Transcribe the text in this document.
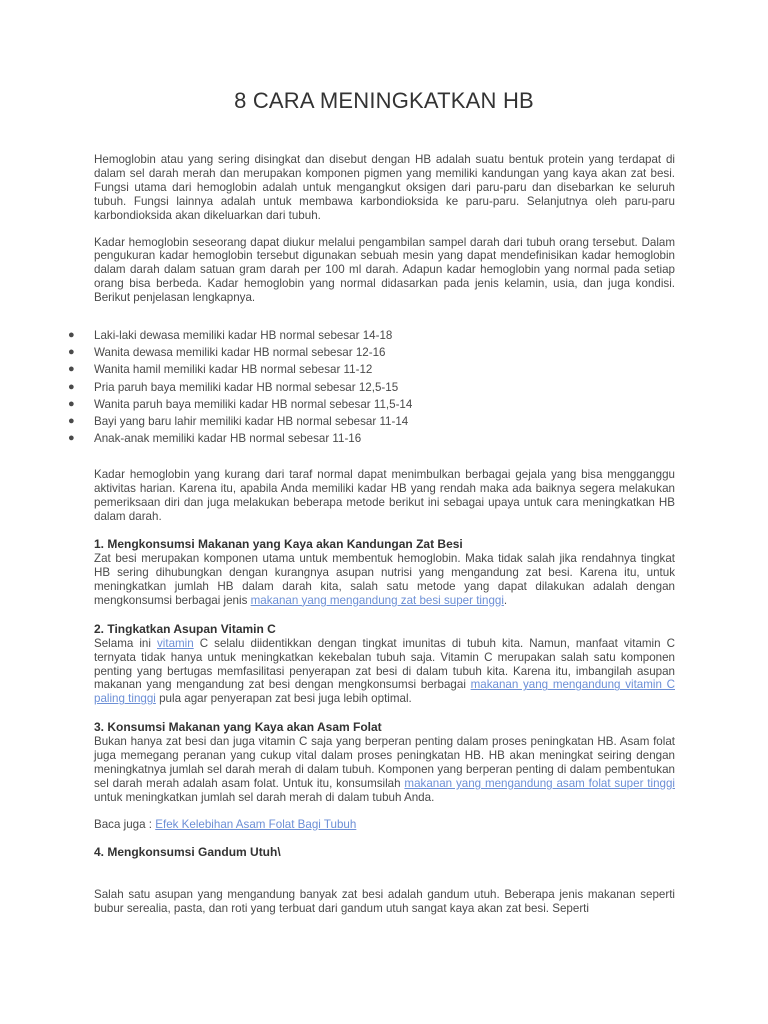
8 CARA MENINGKATKAN HB

Hemoglobin atau yang sering disingkat dan disebut dengan HB adalah suatu bentuk protein yang terdapat di dalam sel darah merah dan merupakan komponen pigmen yang memiliki kandungan yang kaya akan zat besi. Fungsi utama dari hemoglobin adalah untuk mengangkut oksigen dari paru-paru dan disebarkan ke seluruh tubuh. Fungsi lainnya adalah untuk membawa karbondioksida ke paru-paru. Selanjutnya oleh paru-paru karbondioksida akan dikeluarkan dari tubuh.

Kadar hemoglobin seseorang dapat diukur melalui pengambilan sampel darah dari tubuh orang tersebut. Dalam pengukuran kadar hemoglobin tersebut digunakan sebuah mesin yang dapat mendefinisikan kadar hemoglobin dalam darah dalam satuan gram darah per 100 ml darah. Adapun kadar hemoglobin yang normal pada setiap orang bisa berbeda. Kadar hemoglobin yang normal didasarkan pada jenis kelamin, usia, dan juga kondisi. Berikut penjelasan lengkapnya.

● Laki-laki dewasa memiliki kadar HB normal sebesar 14-18
● Wanita dewasa memiliki kadar HB normal sebesar 12-16
● Wanita hamil memiliki kadar HB normal sebesar 11-12
● Pria paruh baya memiliki kadar HB normal sebesar 12,5-15
● Wanita paruh baya memiliki kadar HB normal sebesar 11,5-14
● Bayi yang baru lahir memiliki kadar HB normal sebesar 11-14
● Anak-anak memiliki kadar HB normal sebesar 11-16

Kadar hemoglobin yang kurang dari taraf normal dapat menimbulkan berbagai gejala yang bisa mengganggu aktivitas harian. Karena itu, apabila Anda memiliki kadar HB yang rendah maka ada baiknya segera melakukan pemeriksaan diri dan juga melakukan beberapa metode berikut ini sebagai upaya untuk cara meningkatkan HB dalam darah.

1. Mengkonsumsi Makanan yang Kaya akan Kandungan Zat Besi

Zat besi merupakan komponen utama untuk membentuk hemoglobin. Maka tidak salah jika rendahnya tingkat HB sering dihubungkan dengan kurangnya asupan nutrisi yang mengandung zat besi. Karena itu, untuk meningkatkan jumlah HB dalam darah kita, salah satu metode yang dapat dilakukan adalah dengan mengkonsumsi berbagai jenis makanan yang mengandung zat besi super tinggi.

2. Tingkatkan Asupan Vitamin C

Selama ini vitamin C selalu diidentikkan dengan tingkat imunitas di tubuh kita. Namun, manfaat vitamin C ternyata tidak hanya untuk meningkatkan kekebalan tubuh saja. Vitamin C merupakan salah satu komponen penting yang bertugas memfasilitasi penyerapan zat besi di dalam tubuh kita. Karena itu, imbangilah asupan makanan yang mengandung zat besi dengan mengkonsumsi berbagai makanan yang mengandung vitamin C paling tinggi pula agar penyerapan zat besi juga lebih optimal.

3. Konsumsi Makanan yang Kaya akan Asam Folat

Bukan hanya zat besi dan juga vitamin C saja yang berperan penting dalam proses peningkatan HB. Asam folat juga memegang peranan yang cukup vital dalam proses peningkatan HB. HB akan meningkat seiring dengan meningkatnya jumlah sel darah merah di dalam tubuh. Komponen yang berperan penting di dalam pembentukan sel darah merah adalah asam folat. Untuk itu, konsumsilah makanan yang mengandung asam folat super tinggi untuk meningkatkan jumlah sel darah merah di dalam tubuh Anda.

Baca juga : Efek Kelebihan Asam Folat Bagi Tubuh

4. Mengkonsumsi Gandum Utuh\

Salah satu asupan yang mengandung banyak zat besi adalah gandum utuh. Beberapa jenis makanan seperti bubur serealia, pasta, dan roti yang terbuat dari gandum utuh sangat kaya akan zat besi. Seperti
